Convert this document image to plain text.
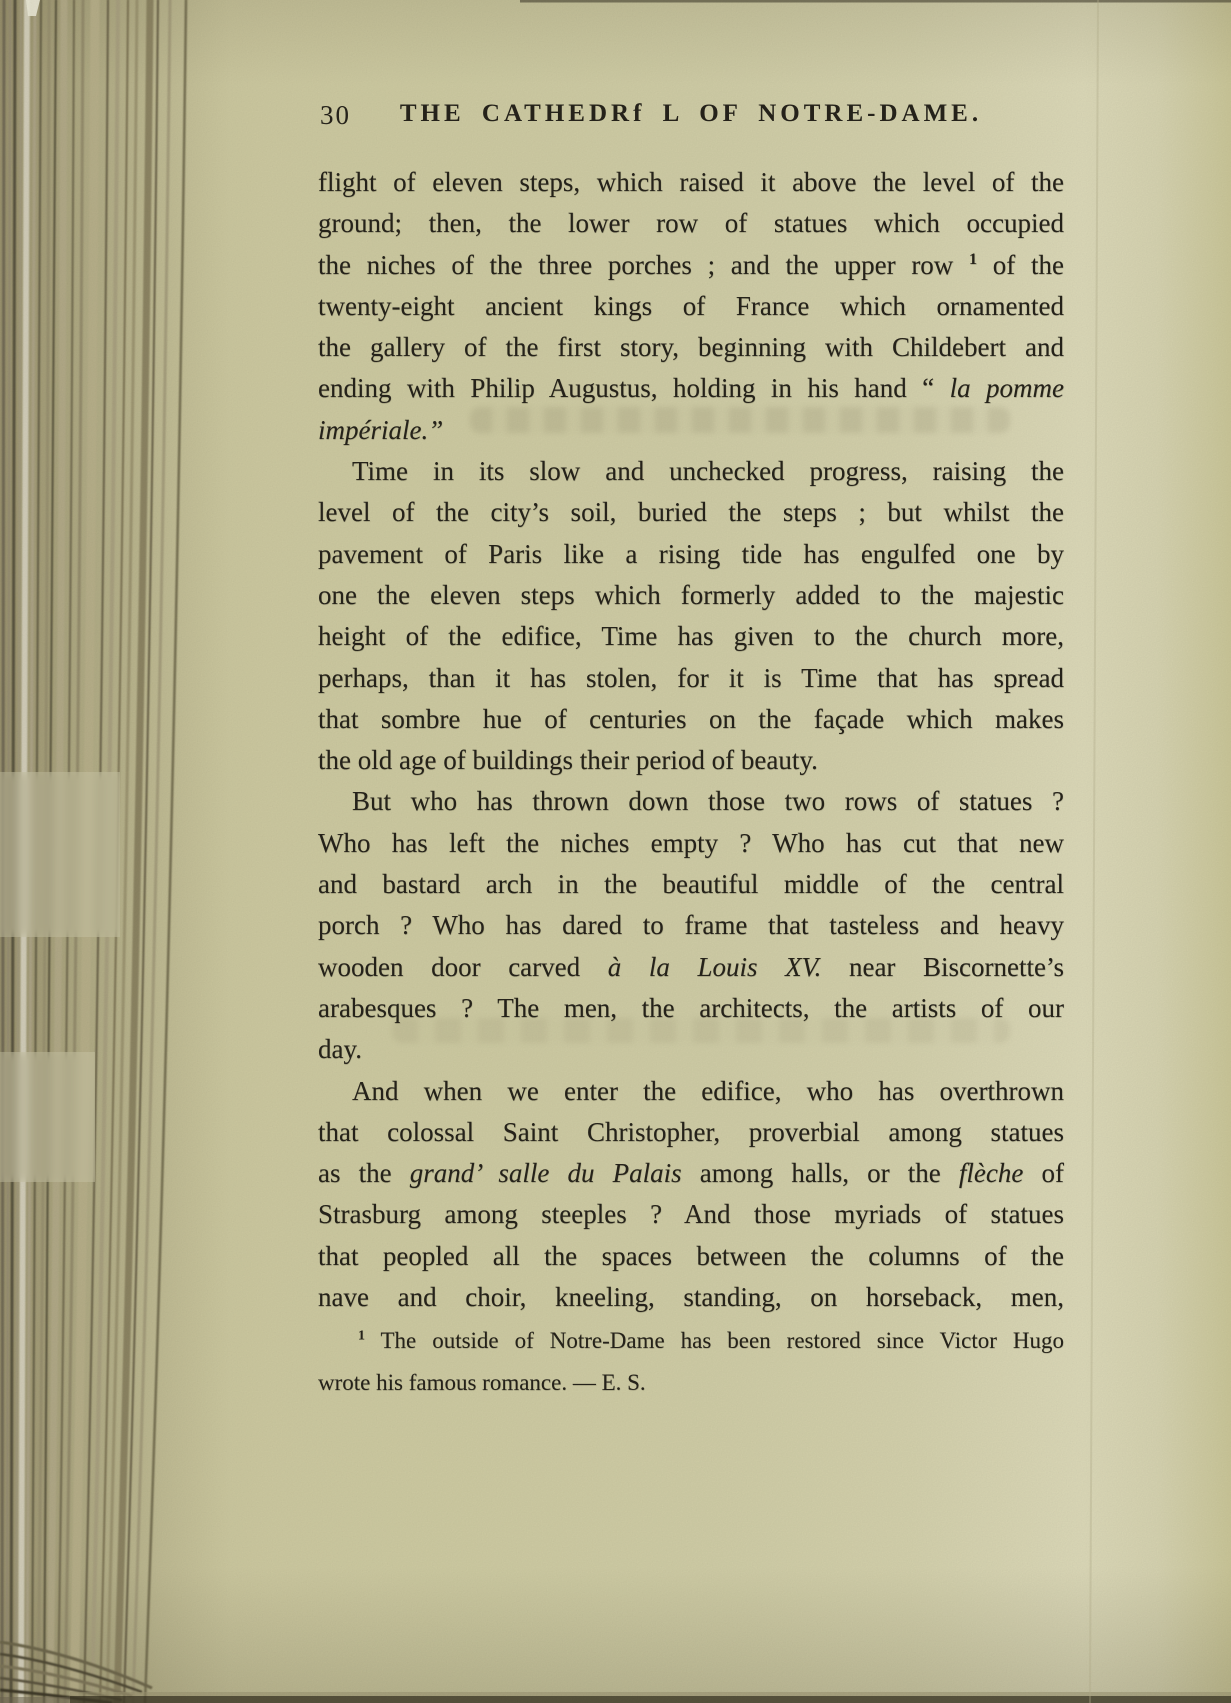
30	THE CATHEDRf L OF NOTRE-DAME.
flight of eleven steps, which raised it above the level of the
ground; then, the lower row of statues which occupied
the niches of the three porches ; and the upper row $^1$ of the
twenty-eight ancient kings of France which ornamented
the gallery of the first story, beginning with Childebert and
ending with Philip Augustus, holding in his hand “ la pomme
impériale.”
Time in its slow and unchecked progress, raising the
level of the city’s soil, buried the steps ; but whilst the
pavement of Paris like a rising tide has engulfed one by
one the eleven steps which formerly added to the majestic
height of the edifice, Time has given to the church more,
perhaps, than it has stolen, for it is Time that has spread
that sombre hue of centuries on the façade which makes
the old age of buildings their period of beauty.
But who has thrown down those two rows of statues ?
Who has left the niches empty ? Who has cut that new
and bastard arch in the beautiful middle of the central
porch ? Who has dared to frame that tasteless and heavy
wooden door carved à la Louis XV. near Biscornette’s
arabesques ? The men, the architects, the artists of our
day.
And when we enter the edifice, who has overthrown
that colossal Saint Christopher, proverbial among statues
as the grand’ salle du Palais among halls, or the flèche of
Strasburg among steeples ? And those myriads of statues
that peopled all the spaces between the columns of the
nave and choir, kneeling, standing, on horseback, men,
$^1$ The outside of Notre-Dame has been restored since Victor Hugo
wrote his famous romance. — E. S.
